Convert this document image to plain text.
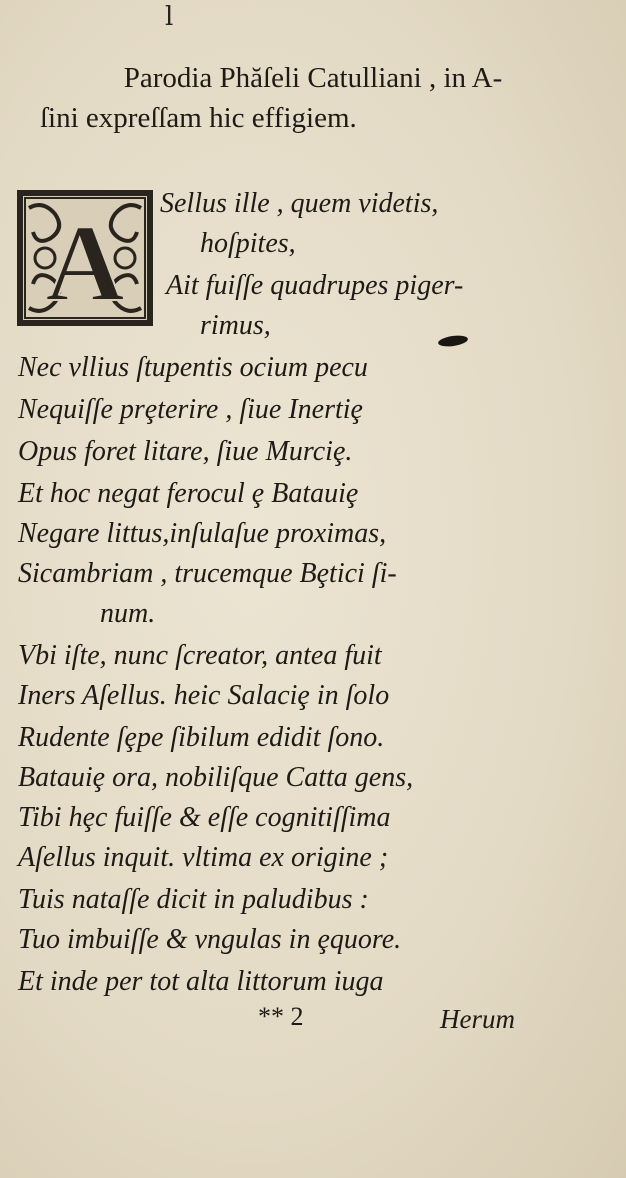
l
Parodia Phăſeli Catulliani , in A-
ſini expreſſam hic effigiem.
A Sellus ille , quem videtis,
hoſpites,
Ait fuiſſe quadrupes piger-
rimus,
Nec vllius ſtupentis ocium pecu
Nequiſſe prȩterire , ſiue Inertiȩ
Opus foret litare, ſiue Murciȩ.
Et hoc negat ferocul ȩ Batauiȩ
Negare littus,inſulaſue proximas,
Sicambriam , trucemque Bȩtici ſi-
num.
Vbi iſte, nunc ſcreator, antea fuit
Iners Aſellus. heic Salaciȩ in ſolo
Rudente ſȩpe ſibilum edidit ſono.
Batauiȩ ora, nobiliſque Catta gens,
Tibi hȩc fuiſſe & eſſe cognitiſſima
Aſellus inquit. vltima ex origine ;
Tuis nataſſe dicit in paludibus :
Tuo imbuiſſe & vngulas in ȩquore.
Et inde per tot alta littorum iuga
** 2	Herum
